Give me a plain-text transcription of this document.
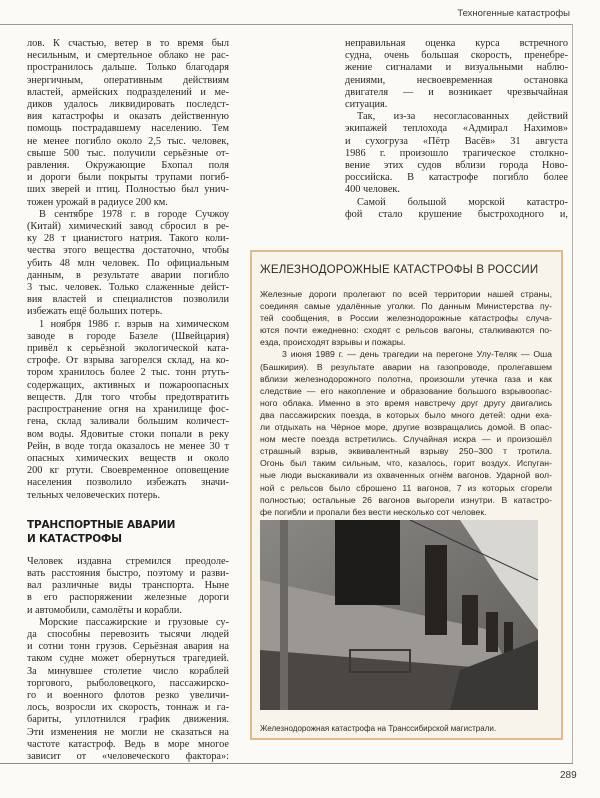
Техногенные катастрофы
лов. К счастью, ветер в то время был
несильным, и смертельное облако не рас-
пространилось дальше. Только благодаря
энергичным, оперативным действиям
властей, армейских подразделений и ме-
диков удалось ликвидировать последст-
вия катастрофы и оказать действенную
помощь пострадавшему населению. Тем
не менее погибло около 2,5 тыс. человек,
свыше 500 тыс. получили серьёзные от-
равления. Окружающие Бхопал поля
и дороги были покрыты трупами погиб-
ших зверей и птиц. Полностью был унич-
тожен урожай в радиусе 200 км.
В сентябре 1978 г. в городе Сучжоу
(Китай) химический завод сбросил в ре-
ку 28 т цианистого натрия. Такого коли-
чества этого вещества достаточно, чтобы
убить 48 млн человек. По официальным
данным, в результате аварии погибло
3 тыс. человек. Только слаженные дейст-
вия властей и специалистов позволили
избежать ещё больших потерь.
1 ноября 1986 г. взрыв на химическом
заводе в городе Базеле (Швейцария)
привёл к серьёзной экологической ката-
строфе. От взрыва загорелся склад, на ко-
тором хранилось более 2 тыс. тонн ртуть-
содержащих, активных и пожароопасных
веществ. Для того чтобы предотвратить
распространение огня на хранилище фос-
гена, склад заливали большим количест-
вом воды. Ядовитые стоки попали в реку
Рейн, в воде тогда оказалось не менее 30 т
опасных химических веществ и около
200 кг ртути. Своевременное оповещение
населения позволило избежать значи-
тельных человеческих потерь.
ТРАНСПОРТНЫЕ АВАРИИ
И КАТАСТРОФЫ
Человек издавна стремился преодоле-
вать расстояния быстро, поэтому и разви-
вал различные виды транспорта. Ныне
в его распоряжении железные дороги
и автомобили, самолёты и корабли.
Морские пассажирские и грузовые су-
да способны перевозить тысячи людей
и сотни тонн грузов. Серьёзная авария на
таком судне может обернуться трагедией.
За минувшее столетие число кораблей
торгового, рыболовецкого, пассажирско-
го и военного флотов резко увеличи-
лось, возросли их скорость, тоннаж и га-
бариты, уплотнился график движения.
Эти изменения не могли не сказаться на
частоте катастроф. Ведь в море многое
зависит от «человеческого фактора»:
неправильная оценка курса встречного
судна, очень большая скорость, пренебре-
жение сигналами и визуальными наблю-
дениями, несвоевременная остановка
двигателя — и возникает чрезвычайная
ситуация.
Так, из-за несогласованных действий
экипажей теплохода «Адмирал Нахимов»
и сухогруза «Пётр Васёв» 31 августа
1986 г. произошло трагическое столкно-
вение этих судов вблизи города Ново-
российска. В катастрофе погибло более
400 человек.
Самой большой морской катастро-
фой стало крушение быстроходного и,
ЖЕЛЕЗНОДОРОЖНЫЕ КАТАСТРОФЫ В РОССИИ
Железные дороги пролегают по всей территории нашей страны,
соединяя самые удалённые уголки. По данным Министерства пу-
тей сообщения, в России железнодорожные катастрофы случа-
ются почти ежедневно: сходят с рельсов вагоны, сталкиваются по-
езда, происходят взрывы и пожары.
3 июня 1989 г. — день трагедии на перегоне Улу-Теляк — Оша
(Башкирия). В результате аварии на газопроводе, пролегавшем
вблизи железнодорожного полотна, произошли утечка газа и как
следствие — его накопление и образование большого взрывоопас-
ного облака. Именно в это время навстречу друг другу двигались
два пассажирских поезда, в которых было много детей: одни еха-
ли отдыхать на Чёрное море, другие возвращались домой. В опас-
ном месте поезда встретились. Случайная искра — и произошёл
страшный взрыв, эквивалентный взрыву 250–300 т тротила.
Огонь был таким сильным, что, казалось, горит воздух. Испуган-
ные люди выскакивали из охваченных огнём вагонов. Ударной вол-
ной с рельсов было сброшено 11 вагонов, 7 из которых сгорели
полностью; остальные 26 вагонов выгорели изнутри. В катастро-
фе погибли и пропали без вести несколько сот человек.
Железнодорожная катастрофа на Транссибирской магистрали.
289
